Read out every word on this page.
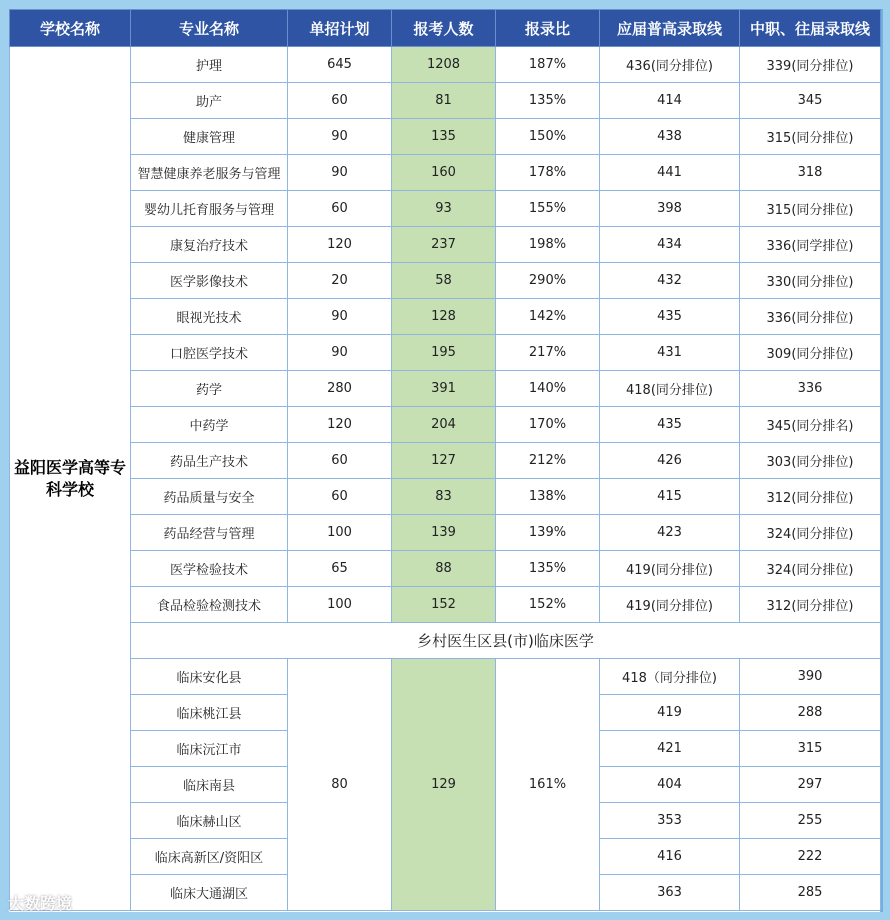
学校名称	专业名称	单招计划	报考人数	报录比	应届普高录取线	中职、往届录取线
益阳医学高等专科学校	护理	645	1208	187%	436(同分排位)	339(同分排位)
	助产	60	81	135%	414	345
	健康管理	90	135	150%	438	315(同分排位)
	智慧健康养老服务与管理	90	160	178%	441	318
	婴幼儿托育服务与管理	60	93	155%	398	315(同分排位)
	康复治疗技术	120	237	198%	434	336(同学排位)
	医学影像技术	20	58	290%	432	330(同分排位)
	眼视光技术	90	128	142%	435	336(同分排位)
	口腔医学技术	90	195	217%	431	309(同分排位)
	药学	280	391	140%	418(同分排位)	336
	中药学	120	204	170%	435	345(同分排名)
	药品生产技术	60	127	212%	426	303(同分排位)
	药品质量与安全	60	83	138%	415	312(同分排位)
	药品经营与管理	100	139	139%	423	324(同分排位)
	医学检验技术	65	88	135%	419(同分排位)	324(同分排位)
	食品检验检测技术	100	152	152%	419(同分排位)	312(同分排位)
	乡村医生区县(市)临床医学					
	临床安化县	80	129	161%	418（同分排位)	390
	临床桃江县				419	288
	临床沅江市				421	315
	临床南县				404	297
	临床赫山区				353	255
	临床高新区/资阳区				416	222
	临床大通湖区				363	285
大数跨境
